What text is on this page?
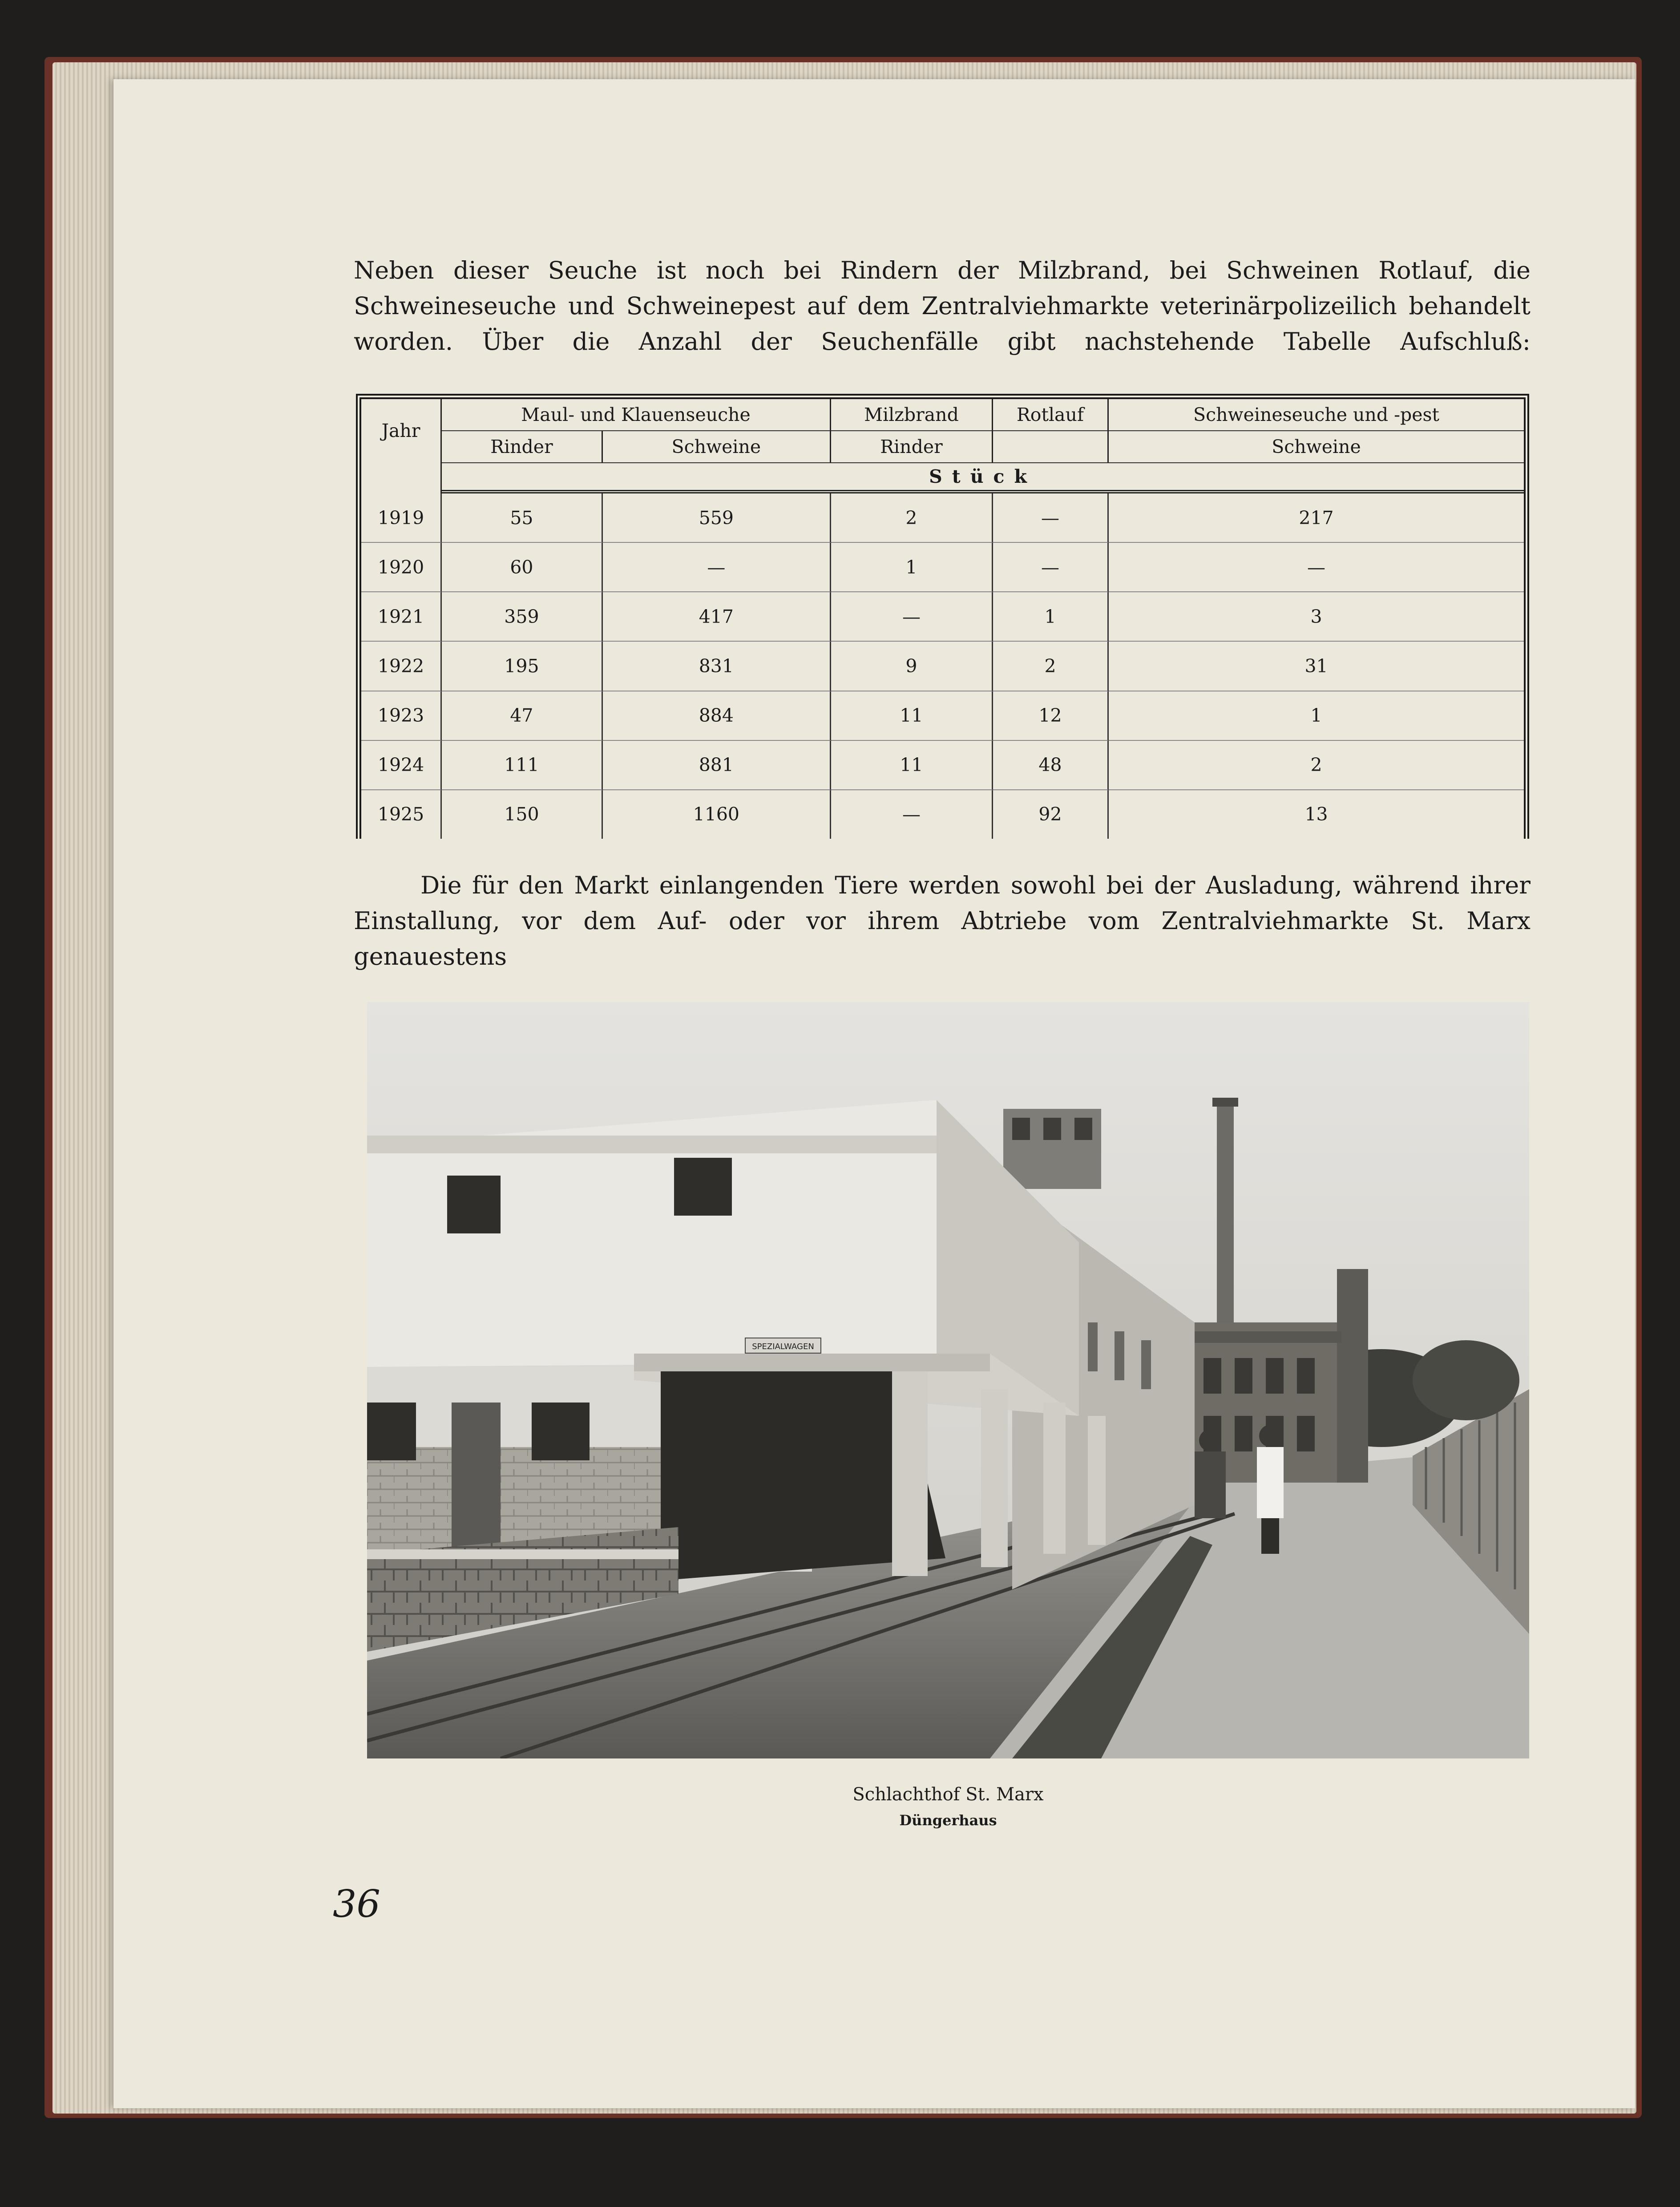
Neben dieser Seuche ist noch bei Rindern der Milzbrand, bei Schweinen Rotlauf, die Schweineseuche und Schweinepest auf dem Zentralviehmarkte veterinärpolizeilich behandelt worden. Über die Anzahl der Seuchenfälle gibt nachstehende Tabelle Aufschluß:

Jahr	Maul- und Klauenseuche		Milzbrand	Rotlauf	Schweineseuche und -pest
	Rinder	Schweine	Rinder		Schweine
	Stück				
1919	55	559	2	—	217
1920	60	—	1	—	—
1921	359	417	—	1	3
1922	195	831	9	2	31
1923	47	884	11	12	1
1924	111	881	11	48	2
1925	150	1160	—	92	13

Die für den Markt einlangenden Tiere werden sowohl bei der Ausladung, während ihrer Einstallung, vor dem Auf- oder vor ihrem Abtriebe vom Zentralviehmarkte St. Marx genauestens

SPEZIALWAGEN

Schlachthof St. Marx

Düngerhaus

36
